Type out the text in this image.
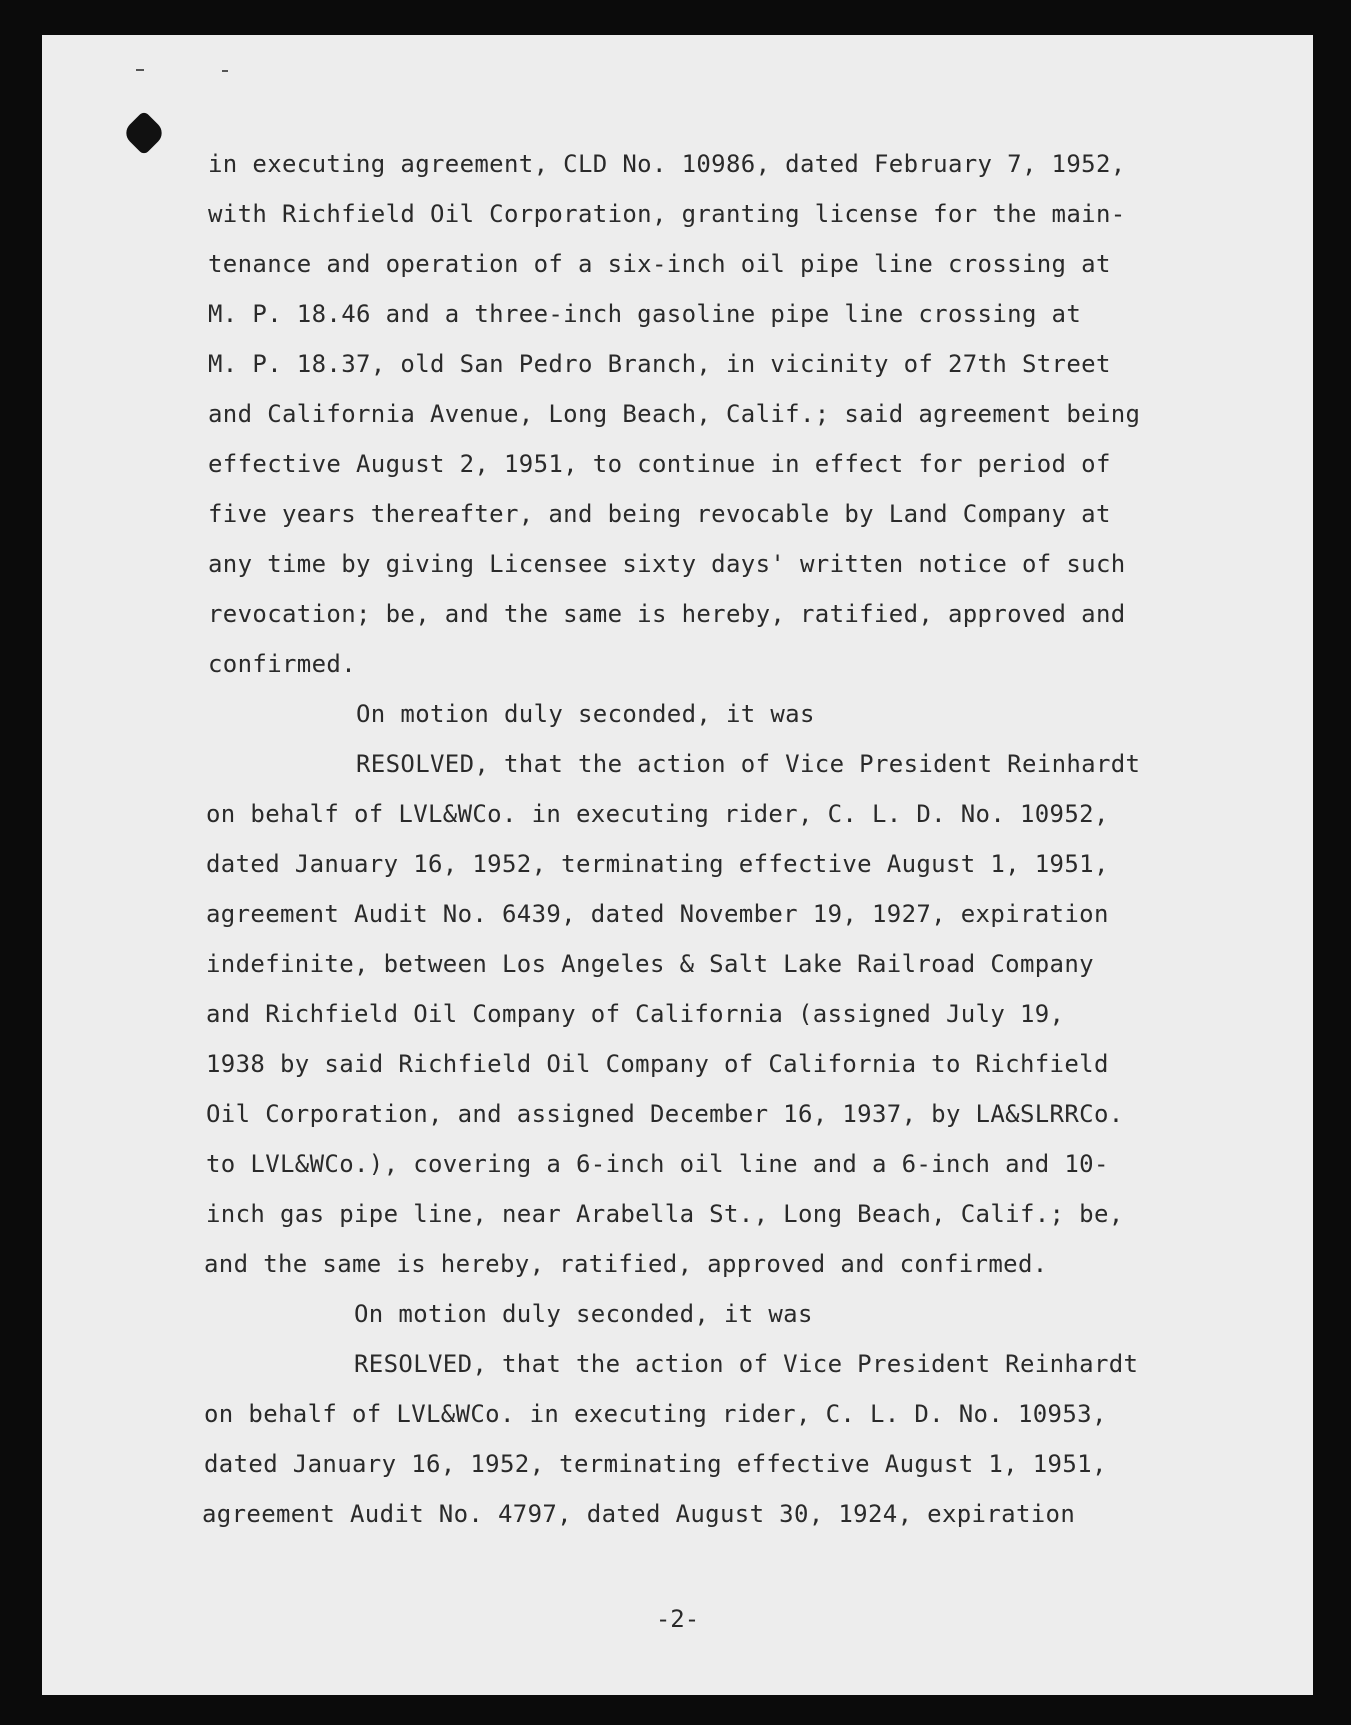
in executing agreement, CLD No. 10986, dated February 7, 1952,
with Richfield Oil Corporation, granting license for the main-
tenance and operation of a six-inch oil pipe line crossing at
M. P. 18.46 and a three-inch gasoline pipe line crossing at
M. P. 18.37, old San Pedro Branch, in vicinity of 27th Street
and California Avenue, Long Beach, Calif.; said agreement being
effective August 2, 1951, to continue in effect for period of
five years thereafter, and being revocable by Land Company at
any time by giving Licensee sixty days' written notice of such
revocation; be, and the same is hereby, ratified, approved and
confirmed.
On motion duly seconded, it was
RESOLVED, that the action of Vice President Reinhardt
on behalf of LVL&WCo. in executing rider, C. L. D. No. 10952,
dated January 16, 1952, terminating effective August 1, 1951,
agreement Audit No. 6439, dated November 19, 1927, expiration
indefinite, between Los Angeles & Salt Lake Railroad Company
and Richfield Oil Company of California (assigned July 19,
1938 by said Richfield Oil Company of California to Richfield
Oil Corporation, and assigned December 16, 1937, by LA&SLRRCo.
to LVL&WCo.), covering a 6-inch oil line and a 6-inch and 10-
inch gas pipe line, near Arabella St., Long Beach, Calif.; be,
and the same is hereby, ratified, approved and confirmed.
On motion duly seconded, it was
RESOLVED, that the action of Vice President Reinhardt
on behalf of LVL&WCo. in executing rider, C. L. D. No. 10953,
dated January 16, 1952, terminating effective August 1, 1951,
agreement Audit No. 4797, dated August 30, 1924, expiration
-2-
